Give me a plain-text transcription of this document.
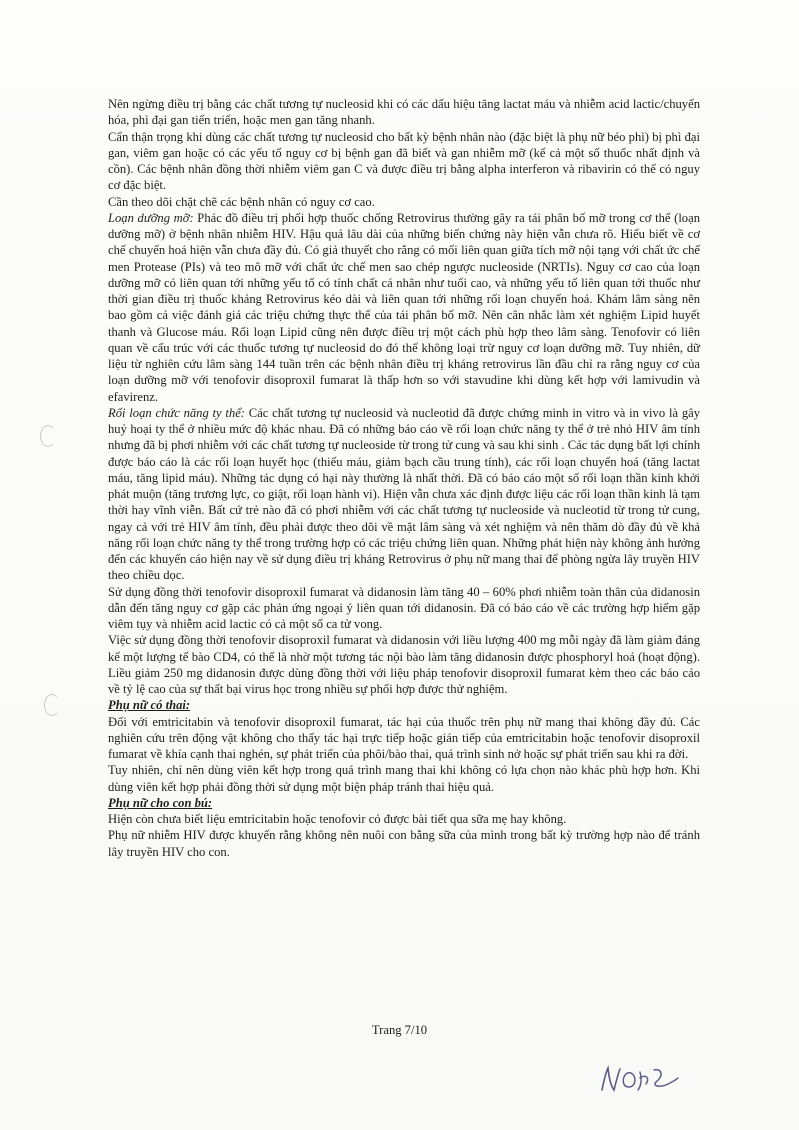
Nên ngừng điều trị bằng các chất tương tự nucleosid khi có các dấu hiệu tăng lactat máu và nhiễm acid lactic/chuyển hóa, phì đại gan tiến triển, hoặc men gan tăng nhanh.

Cẩn thận trọng khi dùng các chất tương tự nucleosid cho bất kỳ bệnh nhân nào (đặc biệt là phụ nữ béo phì) bị phì đại gan, viêm gan hoặc có các yếu tố nguy cơ bị bệnh gan đã biết và gan nhiễm mỡ (kể cả một số thuốc nhất định và cồn). Các bệnh nhân đồng thời nhiễm viêm gan C và được điều trị bằng alpha interferon và ribavirin có thể có nguy cơ đặc biệt.

Cần theo dõi chặt chẽ các bệnh nhân có nguy cơ cao.

Loạn dưỡng mỡ: Phác đồ điều trị phối hợp thuốc chống Retrovirus thường gây ra tái phân bố mỡ trong cơ thể (loạn dưỡng mỡ) ở bệnh nhân nhiễm HIV. Hậu quả lâu dài của những biến chứng này hiện vẫn chưa rõ. Hiểu biết về cơ chế chuyển hoá hiện vẫn chưa đầy đủ. Có giả thuyết cho rằng có mối liên quan giữa tích mỡ nội tạng với chất ức chế men Protease (PIs) và teo mô mỡ với chất ức chế men sao chép ngược nucleoside (NRTIs). Nguy cơ cao của loạn dưỡng mỡ có liên quan tới những yếu tố có tính chất cá nhân như tuổi cao, và những yếu tố liên quan tới thuốc như thời gian điều trị thuốc kháng Retrovirus kéo dài và liên quan tới những rối loạn chuyển hoá. Khám lâm sàng nên bao gồm cả việc đánh giá các triệu chứng thực thể của tái phân bố mỡ. Nên cân nhắc làm xét nghiệm Lipid huyết thanh và Glucose máu. Rối loạn Lipid cũng nên được điều trị một cách phù hợp theo lâm sàng. Tenofovir có liên quan về cấu trúc với các thuốc tương tự nucleosid do đó thể không loại trừ nguy cơ loạn dưỡng mỡ. Tuy nhiên, dữ liệu từ nghiên cứu lâm sàng 144 tuần trên các bệnh nhân điều trị kháng retrovirus lần đầu chỉ ra rằng nguy cơ của loạn dưỡng mỡ với tenofovir disoproxil fumarat là thấp hơn so với stavudine khi dùng kết hợp với lamivudin và efavirenz.

Rối loạn chức năng ty thể: Các chất tương tự nucleosid và nucleotid đã được chứng minh in vitro và in vivo là gây huỷ hoại ty thể ở nhiều mức độ khác nhau. Đã có những báo cáo về rối loạn chức năng ty thể ở trẻ nhỏ HIV âm tính nhưng đã bị phơi nhiễm với các chất tương tự nucleoside từ trong tử cung và sau khi sinh . Các tác dụng bất lợi chính được báo cáo là các rối loạn huyết học (thiếu máu, giảm bạch cầu trung tính), các rối loạn chuyển hoá (tăng lactat máu, tăng lipid máu). Những tác dụng có hại này thường là nhất thời. Đã có báo cáo một số rối loạn thần kinh khởi phát muộn (tăng trương lực, co giật, rối loạn hành vi). Hiện vẫn chưa xác định được liệu các rối loạn thần kinh là tạm thời hay vĩnh viễn. Bất cứ trẻ nào đã có phơi nhiễm với các chất tương tự nucleoside và nucleotid từ trong tử cung, ngay cả với trẻ HIV âm tính, đều phải được theo dõi về mặt lâm sàng và xét nghiệm và nên thăm dò đầy đủ về khả năng rối loạn chức năng ty thể trong trường hợp có các triệu chứng liên quan. Những phát hiện này không ảnh hưởng đến các khuyến cáo hiện nay về sử dụng điều trị kháng Retrovirus ở phụ nữ mang thai để phòng ngừa lây truyền HIV theo chiều dọc.

Sử dụng đồng thời tenofovir disoproxil fumarat và didanosin làm tăng 40 – 60% phơi nhiễm toàn thân của didanosin dẫn đến tăng nguy cơ gặp các phản ứng ngoại ý liên quan tới didanosin. Đã có báo cáo về các trường hợp hiếm gặp viêm tụy và nhiễm acid lactic có cả một số ca tử vong.

Việc sử dụng đồng thời tenofovir disoproxil fumarat và didanosin với liều lượng 400 mg mỗi ngày đã làm giảm đáng kể một lượng tế bào CD4, có thể là nhờ một tương tác nội bào làm tăng didanosin được phosphoryl hoá (hoạt động). Liều giảm 250 mg didanosin được dùng đồng thời với liệu pháp tenofovir disoproxil fumarat kèm theo các báo cáo về tỷ lệ cao của sự thất bại virus học trong nhiều sự phối hợp được thử nghiệm.

Phụ nữ có thai:

Đối với emtricitabin và tenofovir disoproxil fumarat, tác hại của thuốc trên phụ nữ mang thai không đầy đủ. Các nghiên cứu trên động vật không cho thấy tác hại trực tiếp hoặc gián tiếp của emtricitabin hoặc tenofovir disoproxil fumarat về khía cạnh thai nghén, sự phát triển của phôi/bào thai, quá trình sinh nở hoặc sự phát triển sau khi ra đời.

Tuy nhiên, chỉ nên dùng viên kết hợp trong quá trình mang thai khi không có lựa chọn nào khác phù hợp hơn. Khi dùng viên kết hợp phải đồng thời sử dụng một biện pháp tránh thai hiệu quả.

Phụ nữ cho con bú:

Hiện còn chưa biết liệu emtricitabin hoặc tenofovir có được bài tiết qua sữa mẹ hay không.

Phụ nữ nhiễm HIV được khuyến rằng không nên nuôi con bằng sữa của mình trong bất kỳ trường hợp nào để tránh lây truyền HIV cho con.

Trang 7/10
